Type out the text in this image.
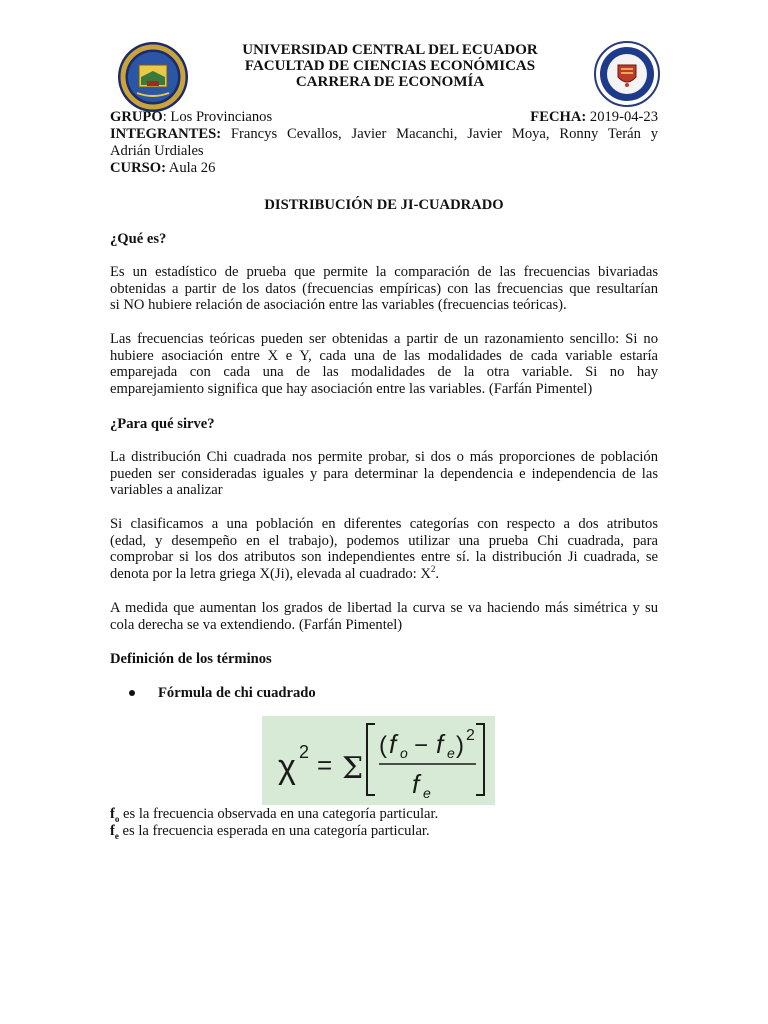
UNIVERSIDAD CENTRAL DEL ECUADOR
FACULTAD DE CIENCIAS ECONÓMICAS
CARRERA DE ECONOMÍA
GRUPO: Los Provincianos	FECHA: 2019-04-23
INTEGRANTES: Francys Cevallos, Javier Macanchi, Javier Moya, Ronny Terán y
Adrián Urdiales
CURSO: Aula 26
DISTRIBUCIÓN DE JI-CUADRADO
¿Qué es?
Es un estadístico de prueba que permite la comparación de las frecuencias bivariadas
obtenidas a partir de los datos (frecuencias empíricas) con las frecuencias que resultarían
si NO hubiere relación de asociación entre las variables (frecuencias teóricas).
Las frecuencias teóricas pueden ser obtenidas a partir de un razonamiento sencillo: Si no
hubiere asociación entre X e Y, cada una de las modalidades de cada variable estaría
emparejada con cada una de las modalidades de la otra variable. Si no hay
emparejamiento significa que hay asociación entre las variables. (Farfán Pimentel)
¿Para qué sirve?
La distribución Chi cuadrada nos permite probar, si dos o más proporciones de población
pueden ser consideradas iguales y para determinar la dependencia e independencia de las
variables a analizar
Si clasificamos a una población en diferentes categorías con respecto a dos atributos
(edad, y desempeño en el trabajo), podemos utilizar una prueba Chi cuadrada, para
comprobar si los dos atributos son independientes entre sí. la distribución Ji cuadrada, se
denota por la letra griega X(Ji), elevada al cuadrado: $X^2$.
A medida que aumentan los grados de libertad la curva se va haciendo más simétrica y su
cola derecha se va extendiendo. (Farfán Pimentel)
Definición de los términos
Fórmula de chi cuadrado
χ 2 = Σ
( f o − f e ) 2
f e
$f_o$ es la frecuencia observada en una categoría particular.
$f_e$ es la frecuencia esperada en una categoría particular.
